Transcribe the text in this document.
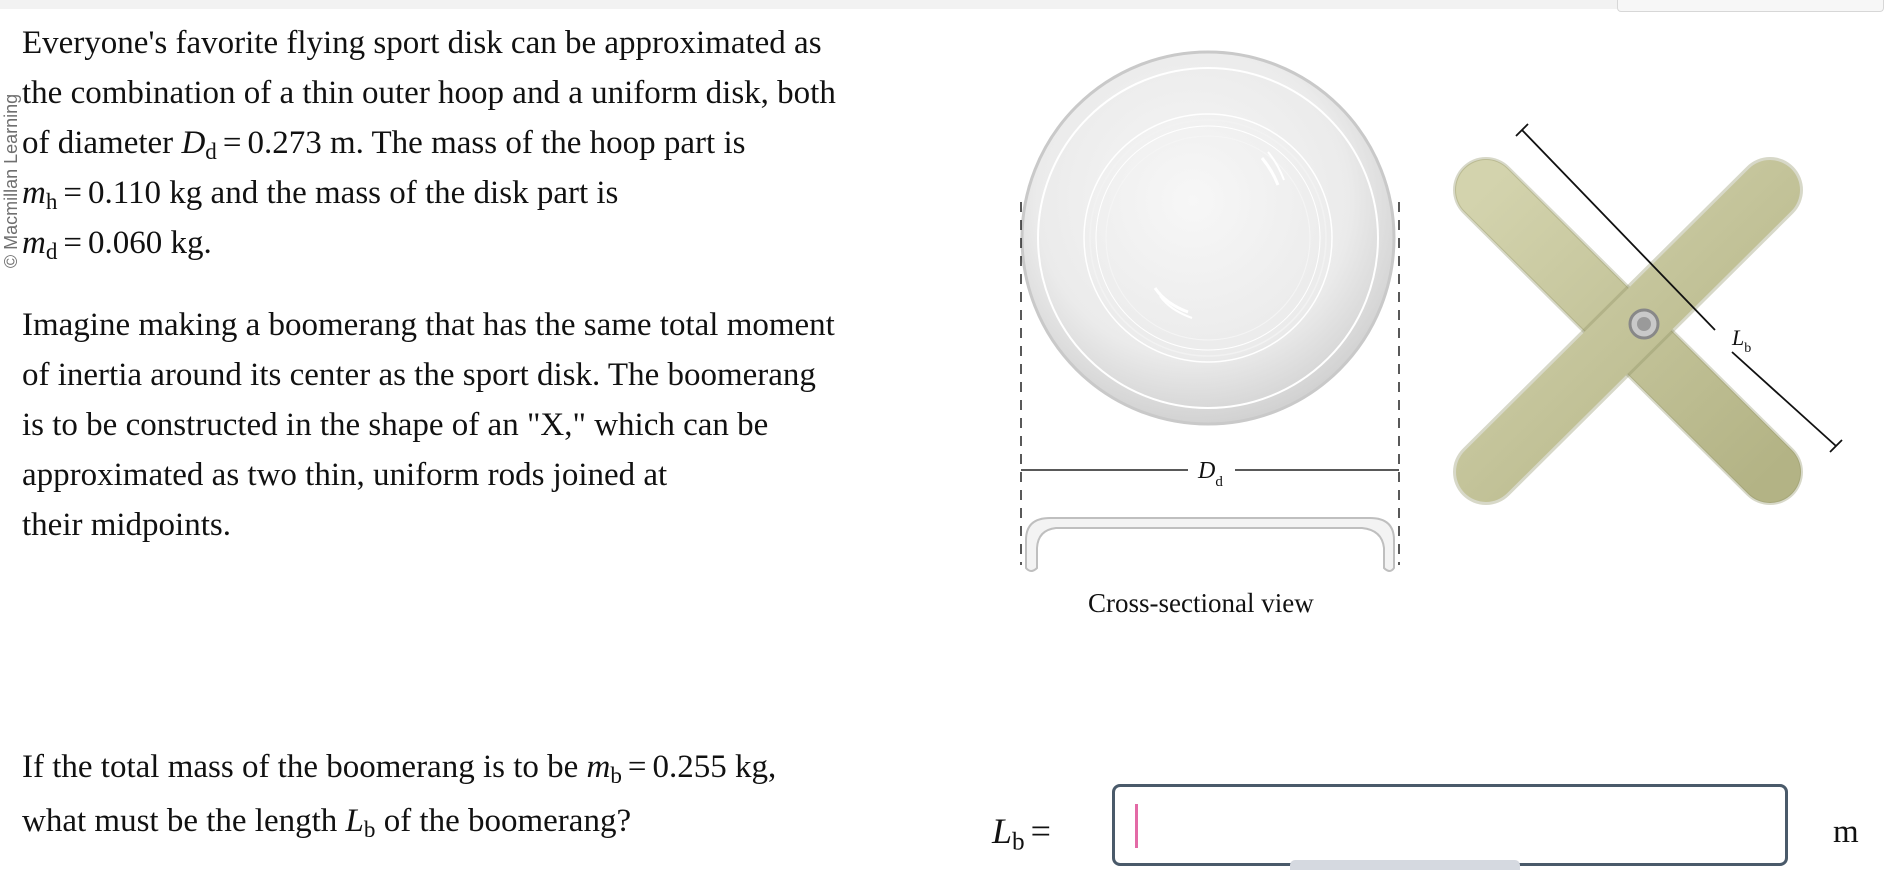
© Macmillan Learning

Everyone's favorite flying sport disk can be approximated as
the combination of a thin outer hoop and a uniform disk, both
of diameter $D_d = 0.273$ m. The mass of the hoop part is
$m_h = 0.110$ kg and the mass of the disk part is
$m_d = 0.060$ kg.

Imagine making a boomerang that has the same total moment
of inertia around its center as the sport disk. The boomerang
is to be constructed in the shape of an "X," which can be
approximated as two thin, uniform rods joined at
their midpoints.

$D_d$
$L_b$
Cross-sectional view

If the total mass of the boomerang is to be $m_b = 0.255$ kg,
what must be the length $L_b$ of the boomerang?	$L_b$ =	m
